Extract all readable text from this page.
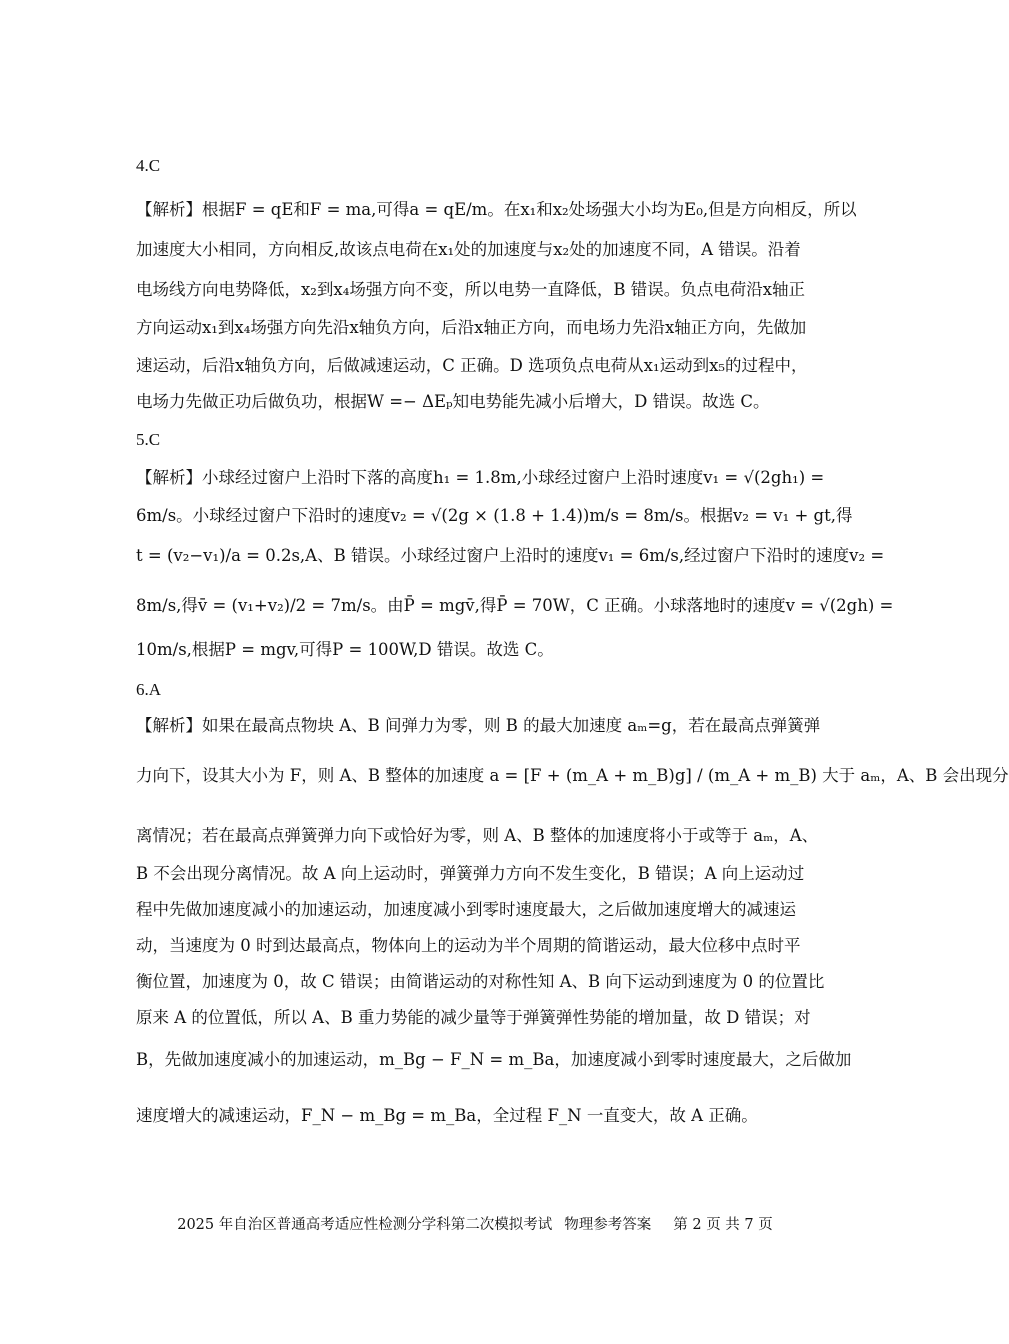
4.C
【解析】根据F = qE和F = ma,可得a = qE/m。在x₁和x₂处场强大小均为E₀,但是方向相反，所以
加速度大小相同，方向相反,故该点电荷在x₁处的加速度与x₂处的加速度不同，A 错误。沿着
电场线方向电势降低，x₂到x₄场强方向不变，所以电势一直降低，B 错误。负点电荷沿x轴正
方向运动x₁到x₄场强方向先沿x轴负方向，后沿x轴正方向，而电场力先沿x轴正方向，先做加
速运动，后沿x轴负方向，后做减速运动，C 正确。D 选项负点电荷从x₁运动到x₅的过程中，
电场力先做正功后做负功，根据W =− ΔEₚ知电势能先减小后增大，D 错误。故选 C。
5.C
【解析】小球经过窗户上沿时下落的高度h₁ = 1.8m,小球经过窗户上沿时速度v₁ = √(2gh₁) =
6m/s。小球经过窗户下沿时的速度v₂ = √(2g × (1.8 + 1.4))m/s = 8m/s。根据v₂ = v₁ + gt,得
t = (v₂−v₁)/a = 0.2s,A、B 错误。小球经过窗户上沿时的速度v₁ = 6m/s,经过窗户下沿时的速度v₂ =
8m/s,得v̄ = (v₁+v₂)/2 = 7m/s。由P̄ = mgv̄,得P̄ = 70W，C 正确。小球落地时的速度v = √(2gh) =
10m/s,根据P = mgv,可得P = 100W,D 错误。故选 C。
6.A
【解析】如果在最高点物块 A、B 间弹力为零，则 B 的最大加速度 aₘ=g，若在最高点弹簧弹
力向下，设其大小为 F，则 A、B 整体的加速度 a = [F + (m_A + m_B)g] / (m_A + m_B) 大于 aₘ，A、B 会出现分
离情况；若在最高点弹簧弹力向下或恰好为零，则 A、B 整体的加速度将小于或等于 aₘ，A、
B 不会出现分离情况。故 A 向上运动时，弹簧弹力方向不发生变化，B 错误；A 向上运动过
程中先做加速度减小的加速运动，加速度减小到零时速度最大，之后做加速度增大的减速运
动，当速度为 0 时到达最高点，物体向上的运动为半个周期的简谐运动，最大位移中点时平
衡位置，加速度为 0，故 C 错误；由简谐运动的对称性知 A、B 向下运动到速度为 0 的位置比
原来 A 的位置低，所以 A、B 重力势能的减少量等于弹簧弹性势能的增加量，故 D 错误；对
B，先做加速度减小的加速运动，m_Bg − F_N = m_Ba，加速度减小到零时速度最大，之后做加
速度增大的减速运动，F_N − m_Bg = m_Ba，全过程 F_N 一直变大，故 A 正确。
2025 年自治区普通高考适应性检测分学科第二次模拟考试 物理参考答案 第 2 页 共 7 页
